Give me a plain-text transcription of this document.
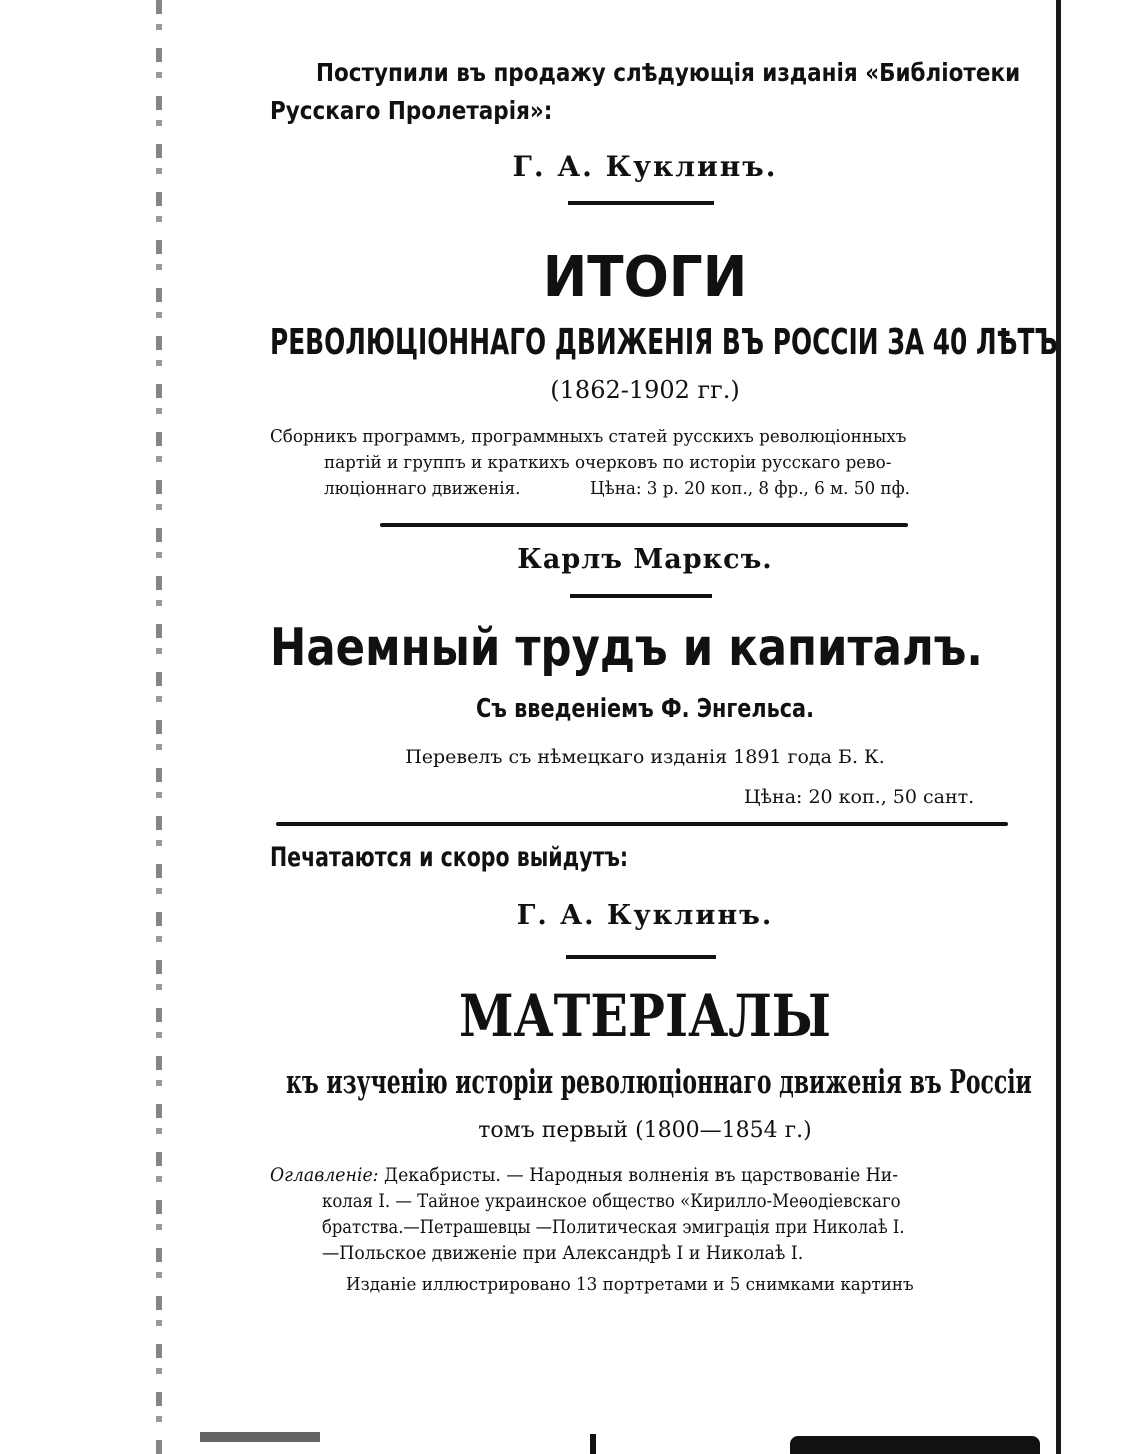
Поступили въ продажу слѣдующія изданія «Библіотеки
Русскаго Пролетарія»:
Г. А. Куклинъ.
ИТОГИ
РЕВОЛЮЦІОННАГО ДВИЖЕНІЯ ВЪ РОССІИ ЗА 40 ЛѢТЪ
(1862-1902 гг.)
Сборникъ программъ, программныхъ статей русскихъ революціонныхъ
партій и группъ и краткихъ очерковъ по исторіи русскаго рево-
люціоннаго движенія.	Цѣна: 3 р. 20 коп., 8 фр., 6 м. 50 пф.
Карлъ Марксъ.
Наемный трудъ и капиталъ.
Съ введеніемъ Ф. Энгельса.
Перевелъ съ нѣмецкаго изданія 1891 года Б. К.
Цѣна: 20 коп., 50 сант.
Печатаются и скоро выйдутъ:
Г. А. Куклинъ.
МАТЕРІАЛЫ
къ изученію исторіи революціоннаго движенія въ Россіи
томъ первый (1800—1854 г.)
Оглавленіе: Декабристы. — Народныя волненія въ царствованіе Ни-
колая I. — Тайное украинское общество «Кирилло-Меѳодіевскаго
братства.—Петрашевцы —Политическая эмиграція при Николаѣ I.
—Польское движеніе при Александрѣ I и Николаѣ I.
Изданіе иллюстрировано 13 портретами и 5 снимками картинъ
